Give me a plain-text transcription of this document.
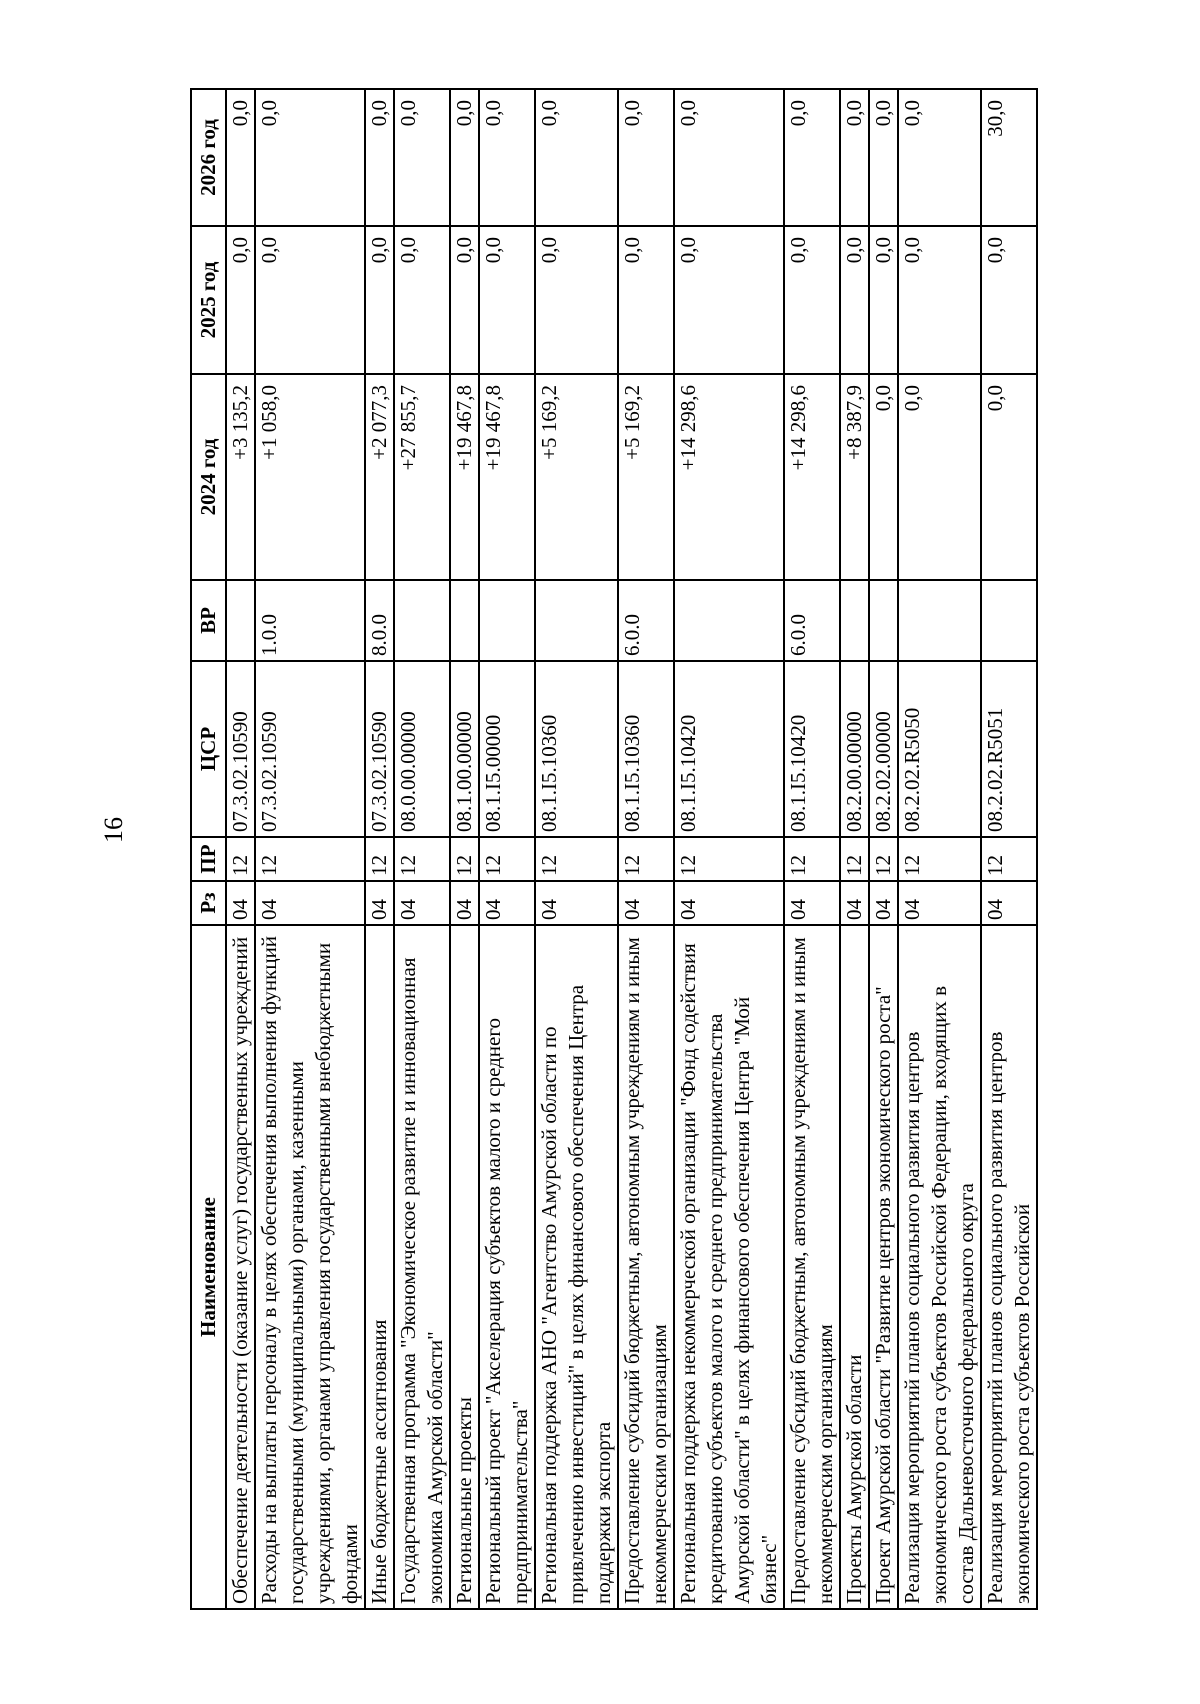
16
Наименование	Рз	ПР	ЦСР	ВР	2024 год	2025 год	2026 год
Обеспечение деятельности (оказание услуг) государственных учреждений	04	12	07.3.02.10590		+3 135,2	0,0	0,0
Расходы на выплаты персоналу в целях обеспечения выполнения функций государственными (муниципальными) органами, казенными учреждениями, органами управления государственными внебюджетными фондами	04	12	07.3.02.10590	1.0.0	+1 058,0	0,0	0,0
Иные бюджетные ассигнования	04	12	07.3.02.10590	8.0.0	+2 077,3	0,0	0,0
Государственная программа "Экономическое развитие и инновационная экономика Амурской области"	04	12	08.0.00.00000		+27 855,7	0,0	0,0
Региональные проекты	04	12	08.1.00.00000		+19 467,8	0,0	0,0
Региональный проект "Акселерация субъектов малого и среднего предпринимательства"	04	12	08.1.I5.00000		+19 467,8	0,0	0,0
Региональная поддержка АНО "Агентство Амурской области по привлечению инвестиций" в целях финансового обеспечения Центра поддержки экспорта	04	12	08.1.I5.10360		+5 169,2	0,0	0,0
Предоставление субсидий бюджетным, автономным учреждениям и иным некоммерческим организациям	04	12	08.1.I5.10360	6.0.0	+5 169,2	0,0	0,0
Региональная поддержка некоммерческой организации "Фонд содействия кредитованию субъектов малого и среднего предпринимательства Амурской области" в целях финансового обеспечения Центра "Мой бизнес"	04	12	08.1.I5.10420		+14 298,6	0,0	0,0
Предоставление субсидий бюджетным, автономным учреждениям и иным некоммерческим организациям	04	12	08.1.I5.10420	6.0.0	+14 298,6	0,0	0,0
Проекты Амурской области	04	12	08.2.00.00000		+8 387,9	0,0	0,0
Проект Амурской области "Развитие центров экономического роста"	04	12	08.2.02.00000		0,0	0,0	0,0
Реализация мероприятий планов социального развития центров экономического роста субъектов Российской Федерации, входящих в состав Дальневосточного федерального округа	04	12	08.2.02.R5050		0,0	0,0	0,0
Реализация мероприятий планов социального развития центров экономического роста субъектов Российской	04	12	08.2.02.R5051		0,0	0,0	30,0
